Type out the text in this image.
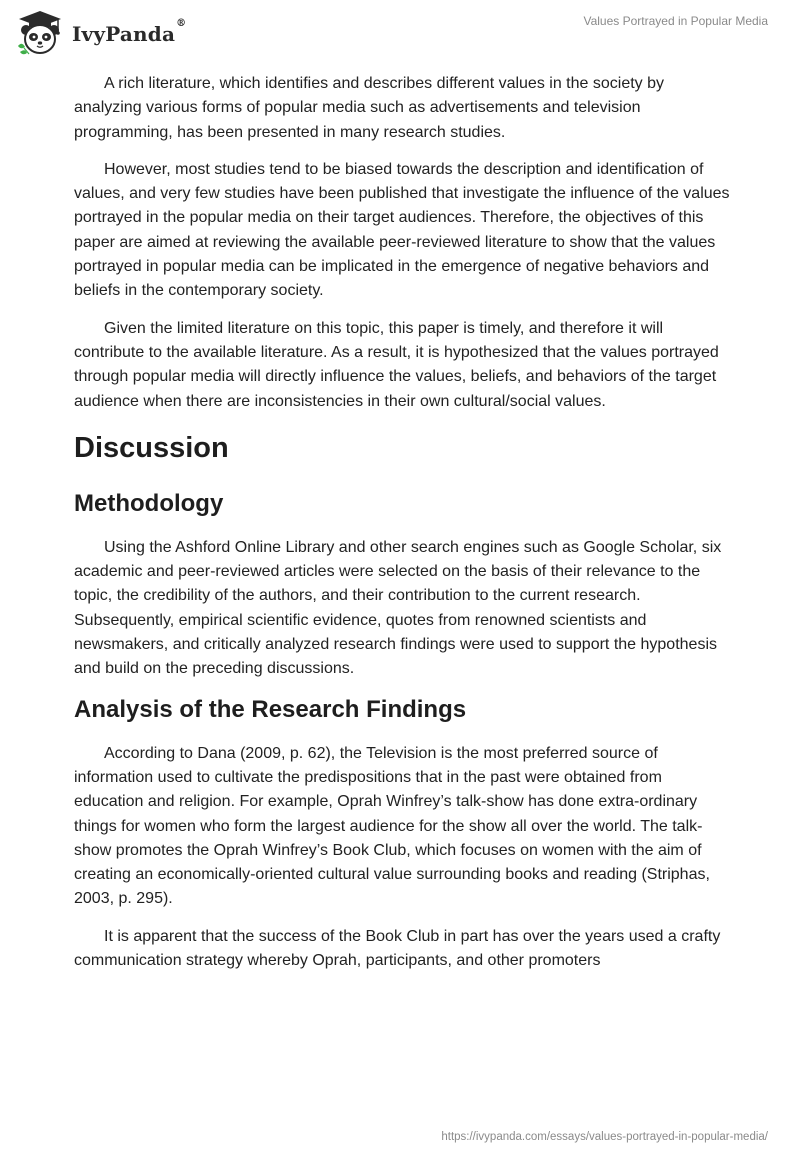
IvyPanda®	Values Portrayed in Popular Media

A rich literature, which identifies and describes different values in the society by analyzing various forms of popular media such as advertisements and television programming, has been presented in many research studies.

However, most studies tend to be biased towards the description and identification of values, and very few studies have been published that investigate the influence of the values portrayed in the popular media on their target audiences. Therefore, the objectives of this paper are aimed at reviewing the available peer-reviewed literature to show that the values portrayed in popular media can be implicated in the emergence of negative behaviors and beliefs in the contemporary society.

Given the limited literature on this topic, this paper is timely, and therefore it will contribute to the available literature. As a result, it is hypothesized that the values portrayed through popular media will directly influence the values, beliefs, and behaviors of the target audience when there are inconsistencies in their own cultural/social values.

Discussion
Methodology

Using the Ashford Online Library and other search engines such as Google Scholar, six academic and peer-reviewed articles were selected on the basis of their relevance to the topic, the credibility of the authors, and their contribution to the current research. Subsequently, empirical scientific evidence, quotes from renowned scientists and newsmakers, and critically analyzed research findings were used to support the hypothesis and build on the preceding discussions.

Analysis of the Research Findings

According to Dana (2009, p. 62), the Television is the most preferred source of information used to cultivate the predispositions that in the past were obtained from education and religion. For example, Oprah Winfrey’s talk-show has done extra-ordinary things for women who form the largest audience for the show all over the world. The talk-show promotes the Oprah Winfrey’s Book Club, which focuses on women with the aim of creating an economically-oriented cultural value surrounding books and reading (Striphas, 2003, p. 295).

It is apparent that the success of the Book Club in part has over the years used a crafty communication strategy whereby Oprah, participants, and other promoters

https://ivypanda.com/essays/values-portrayed-in-popular-media/
